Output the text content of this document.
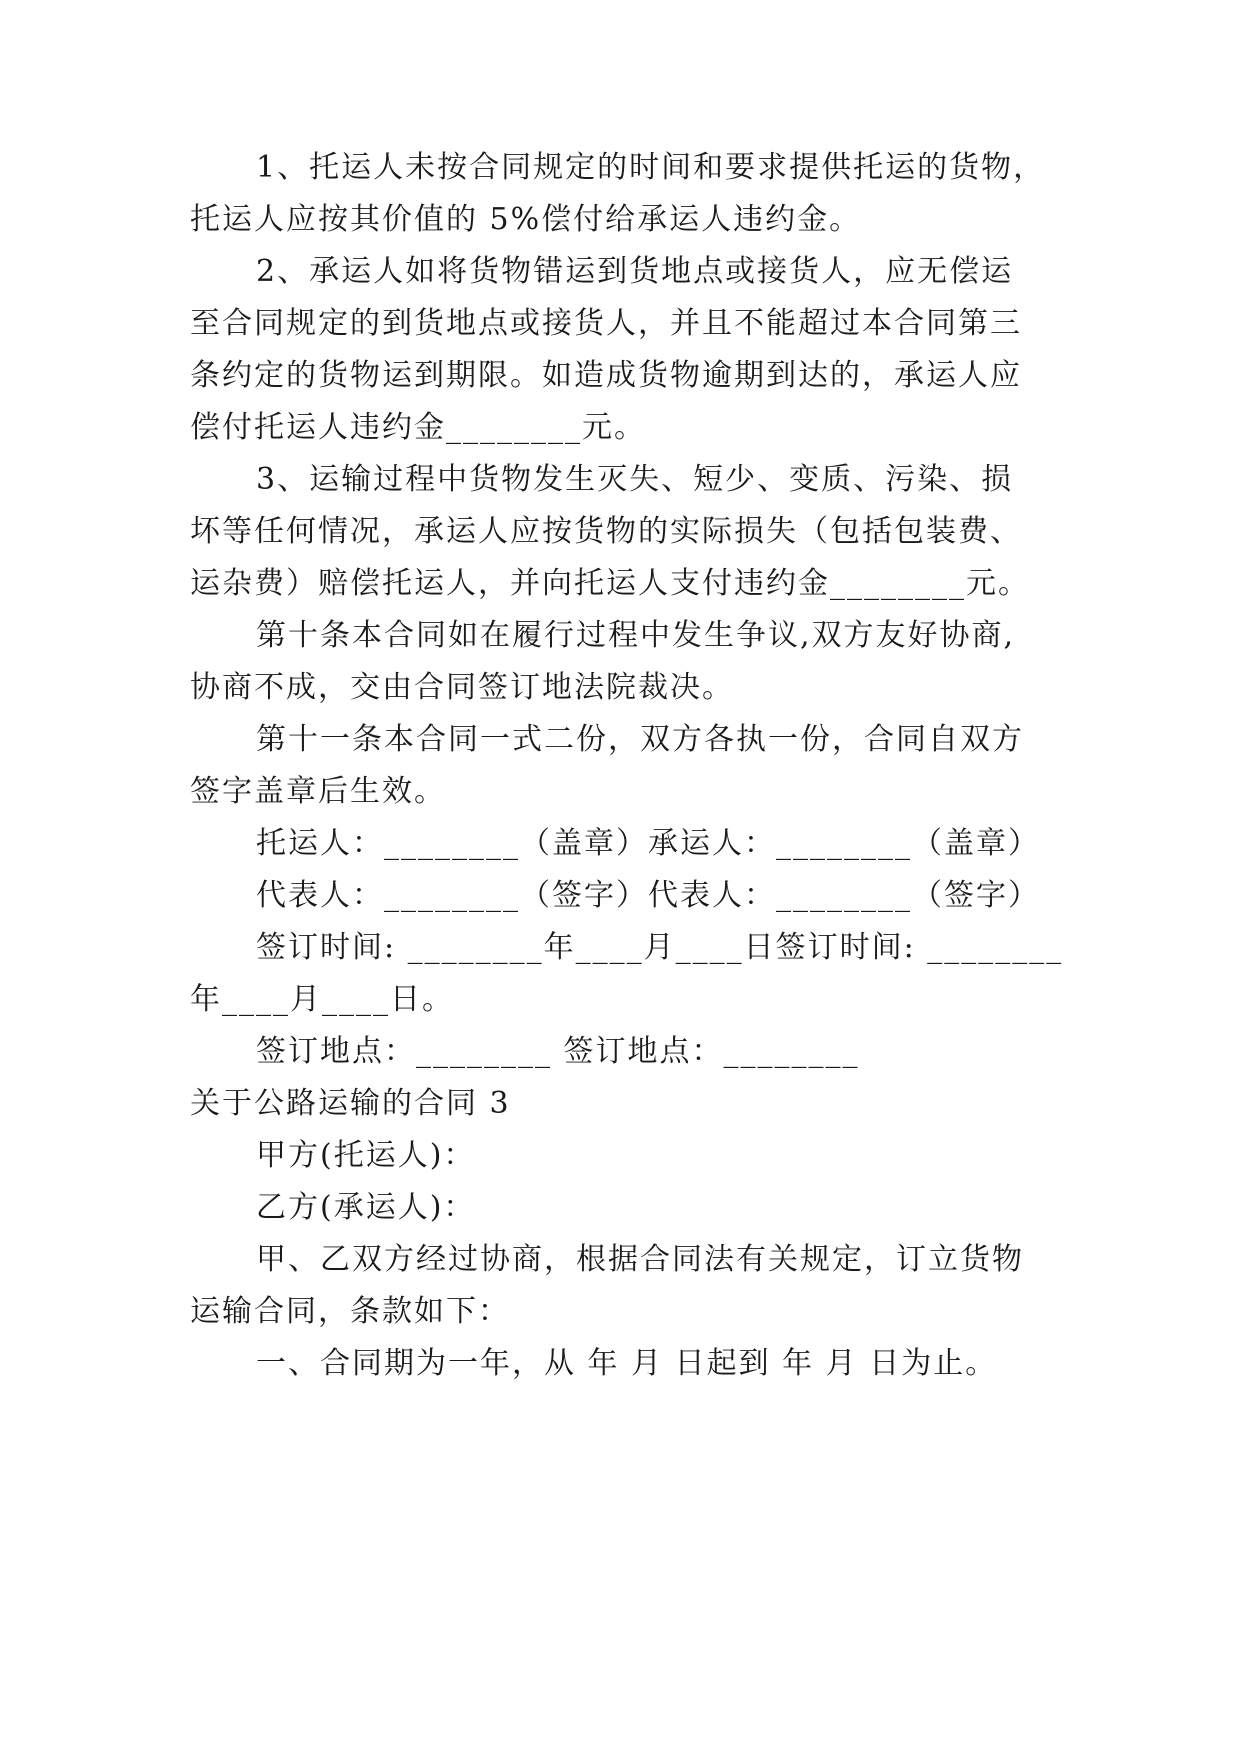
1、托运人未按合同规定的时间和要求提供托运的货物，
托运人应按其价值的 5%偿付给承运人违约金。
2、承运人如将货物错运到货地点或接货人，应无偿运
至合同规定的到货地点或接货人，并且不能超过本合同第三
条约定的货物运到期限。如造成货物逾期到达的，承运人应
偿付托运人违约金________元。
3、运输过程中货物发生灭失、短少、变质、污染、损
坏等任何情况，承运人应按货物的实际损失（包括包装费、
运杂费）赔偿托运人，并向托运人支付违约金________元。
第十条本合同如在履行过程中发生争议,双方友好协商,
协商不成，交由合同签订地法院裁决。
第十一条本合同一式二份，双方各执一份，合同自双方
签字盖章后生效。
托运人：________（盖章）承运人：________（盖章）
代表人：________（签字）代表人：________（签字）
签订时间: ________年____月____日签订时间: ________
年____月____日。
签订地点：________ 签订地点：________
关于公路运输的合同 3
甲方(托运人)：
乙方(承运人)：
甲、乙双方经过协商，根据合同法有关规定，订立货物
运输合同，条款如下：
一、合同期为一年，从 年 月 日起到 年 月 日为止。
